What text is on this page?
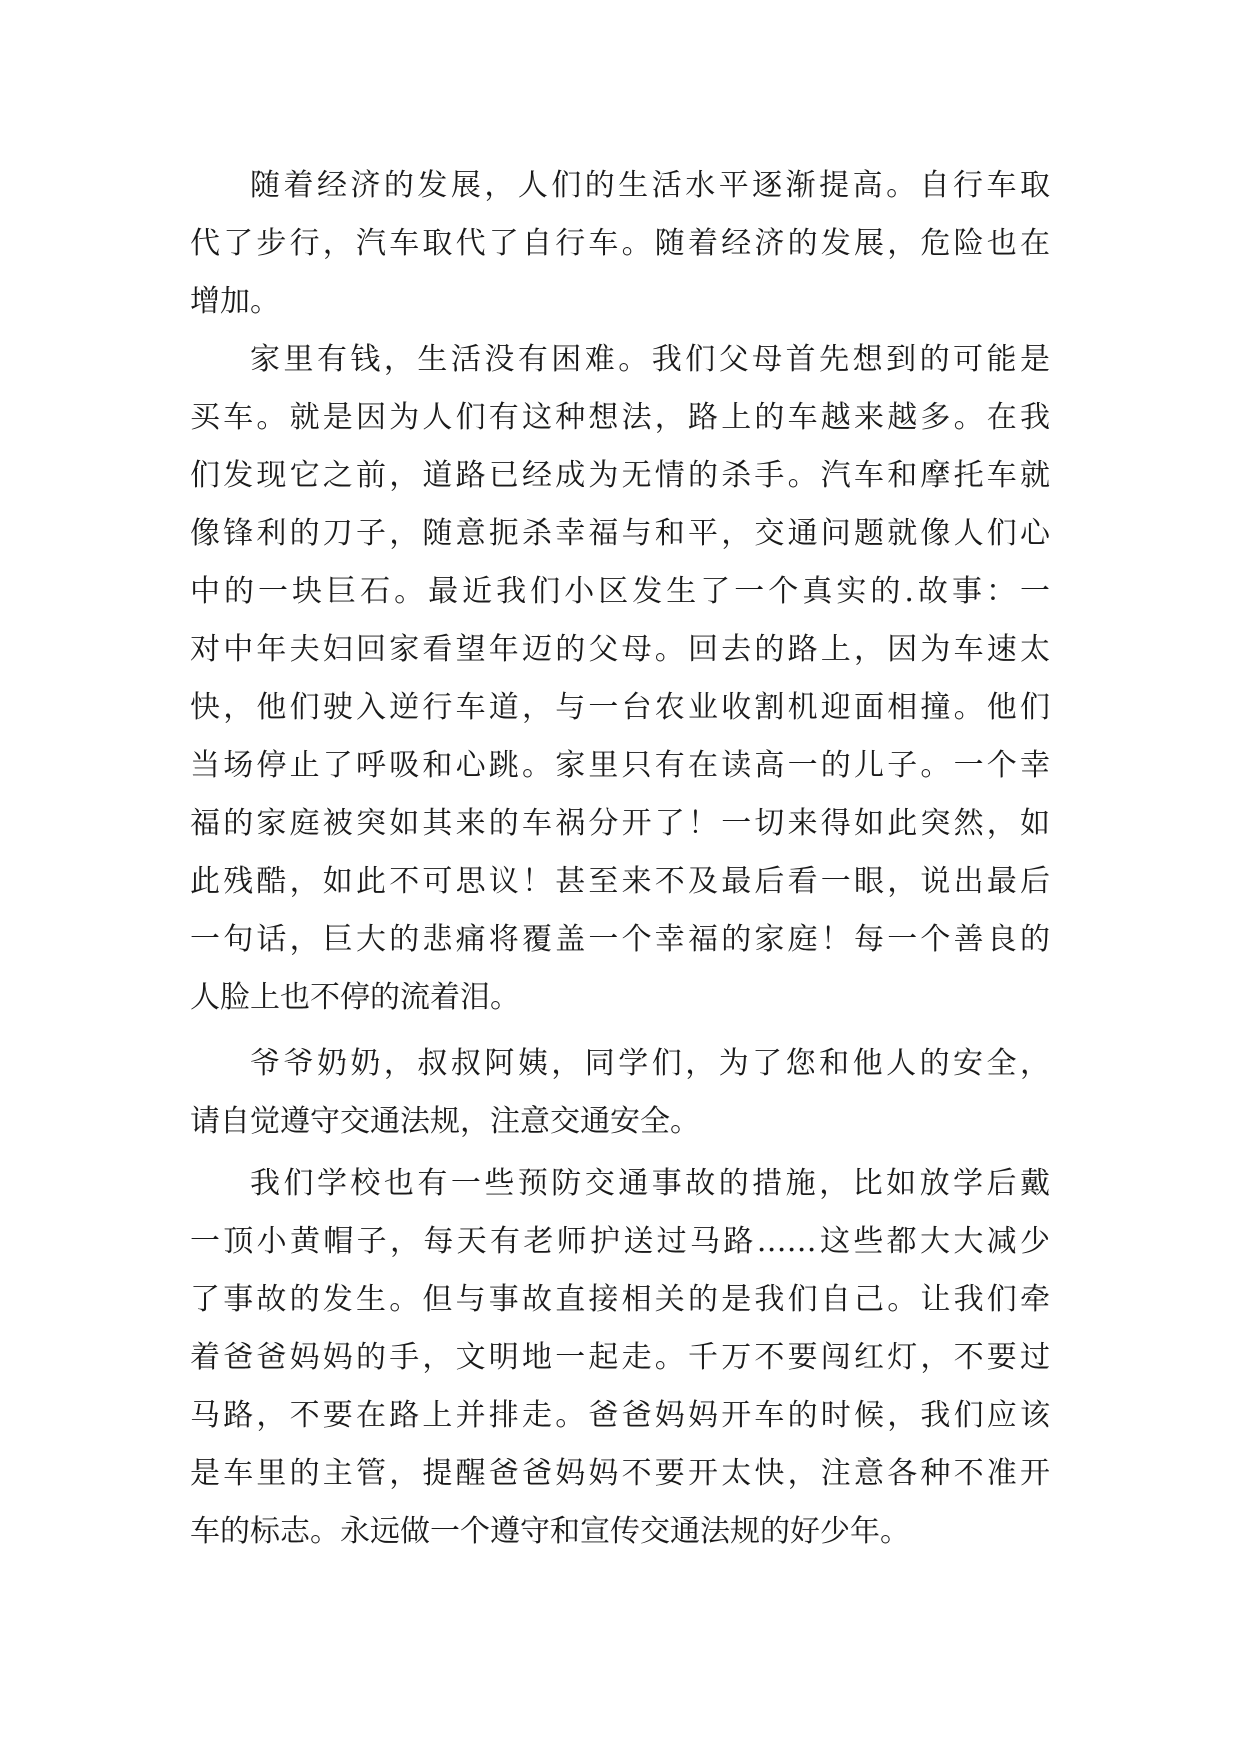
随着经济的发展，人们的生活水平逐渐提高。自行车取
代了步行，汽车取代了自行车。随着经济的发展，危险也在
增加。
家里有钱，生活没有困难。我们父母首先想到的可能是
买车。就是因为人们有这种想法，路上的车越来越多。在我
们发现它之前，道路已经成为无情的杀手。汽车和摩托车就
像锋利的刀子，随意扼杀幸福与和平，交通问题就像人们心
中的一块巨石。最近我们小区发生了一个真实的.故事：一
对中年夫妇回家看望年迈的父母。回去的路上，因为车速太
快，他们驶入逆行车道，与一台农业收割机迎面相撞。他们
当场停止了呼吸和心跳。家里只有在读高一的儿子。一个幸
福的家庭被突如其来的车祸分开了！一切来得如此突然，如
此残酷，如此不可思议！甚至来不及最后看一眼，说出最后
一句话，巨大的悲痛将覆盖一个幸福的家庭！每一个善良的
人脸上也不停的流着泪。
爷爷奶奶，叔叔阿姨，同学们，为了您和他人的安全，
请自觉遵守交通法规，注意交通安全。
我们学校也有一些预防交通事故的措施，比如放学后戴
一顶小黄帽子，每天有老师护送过马路……这些都大大减少
了事故的发生。但与事故直接相关的是我们自己。让我们牵
着爸爸妈妈的手，文明地一起走。千万不要闯红灯，不要过
马路，不要在路上并排走。爸爸妈妈开车的时候，我们应该
是车里的主管，提醒爸爸妈妈不要开太快，注意各种不准开
车的标志。永远做一个遵守和宣传交通法规的好少年。
